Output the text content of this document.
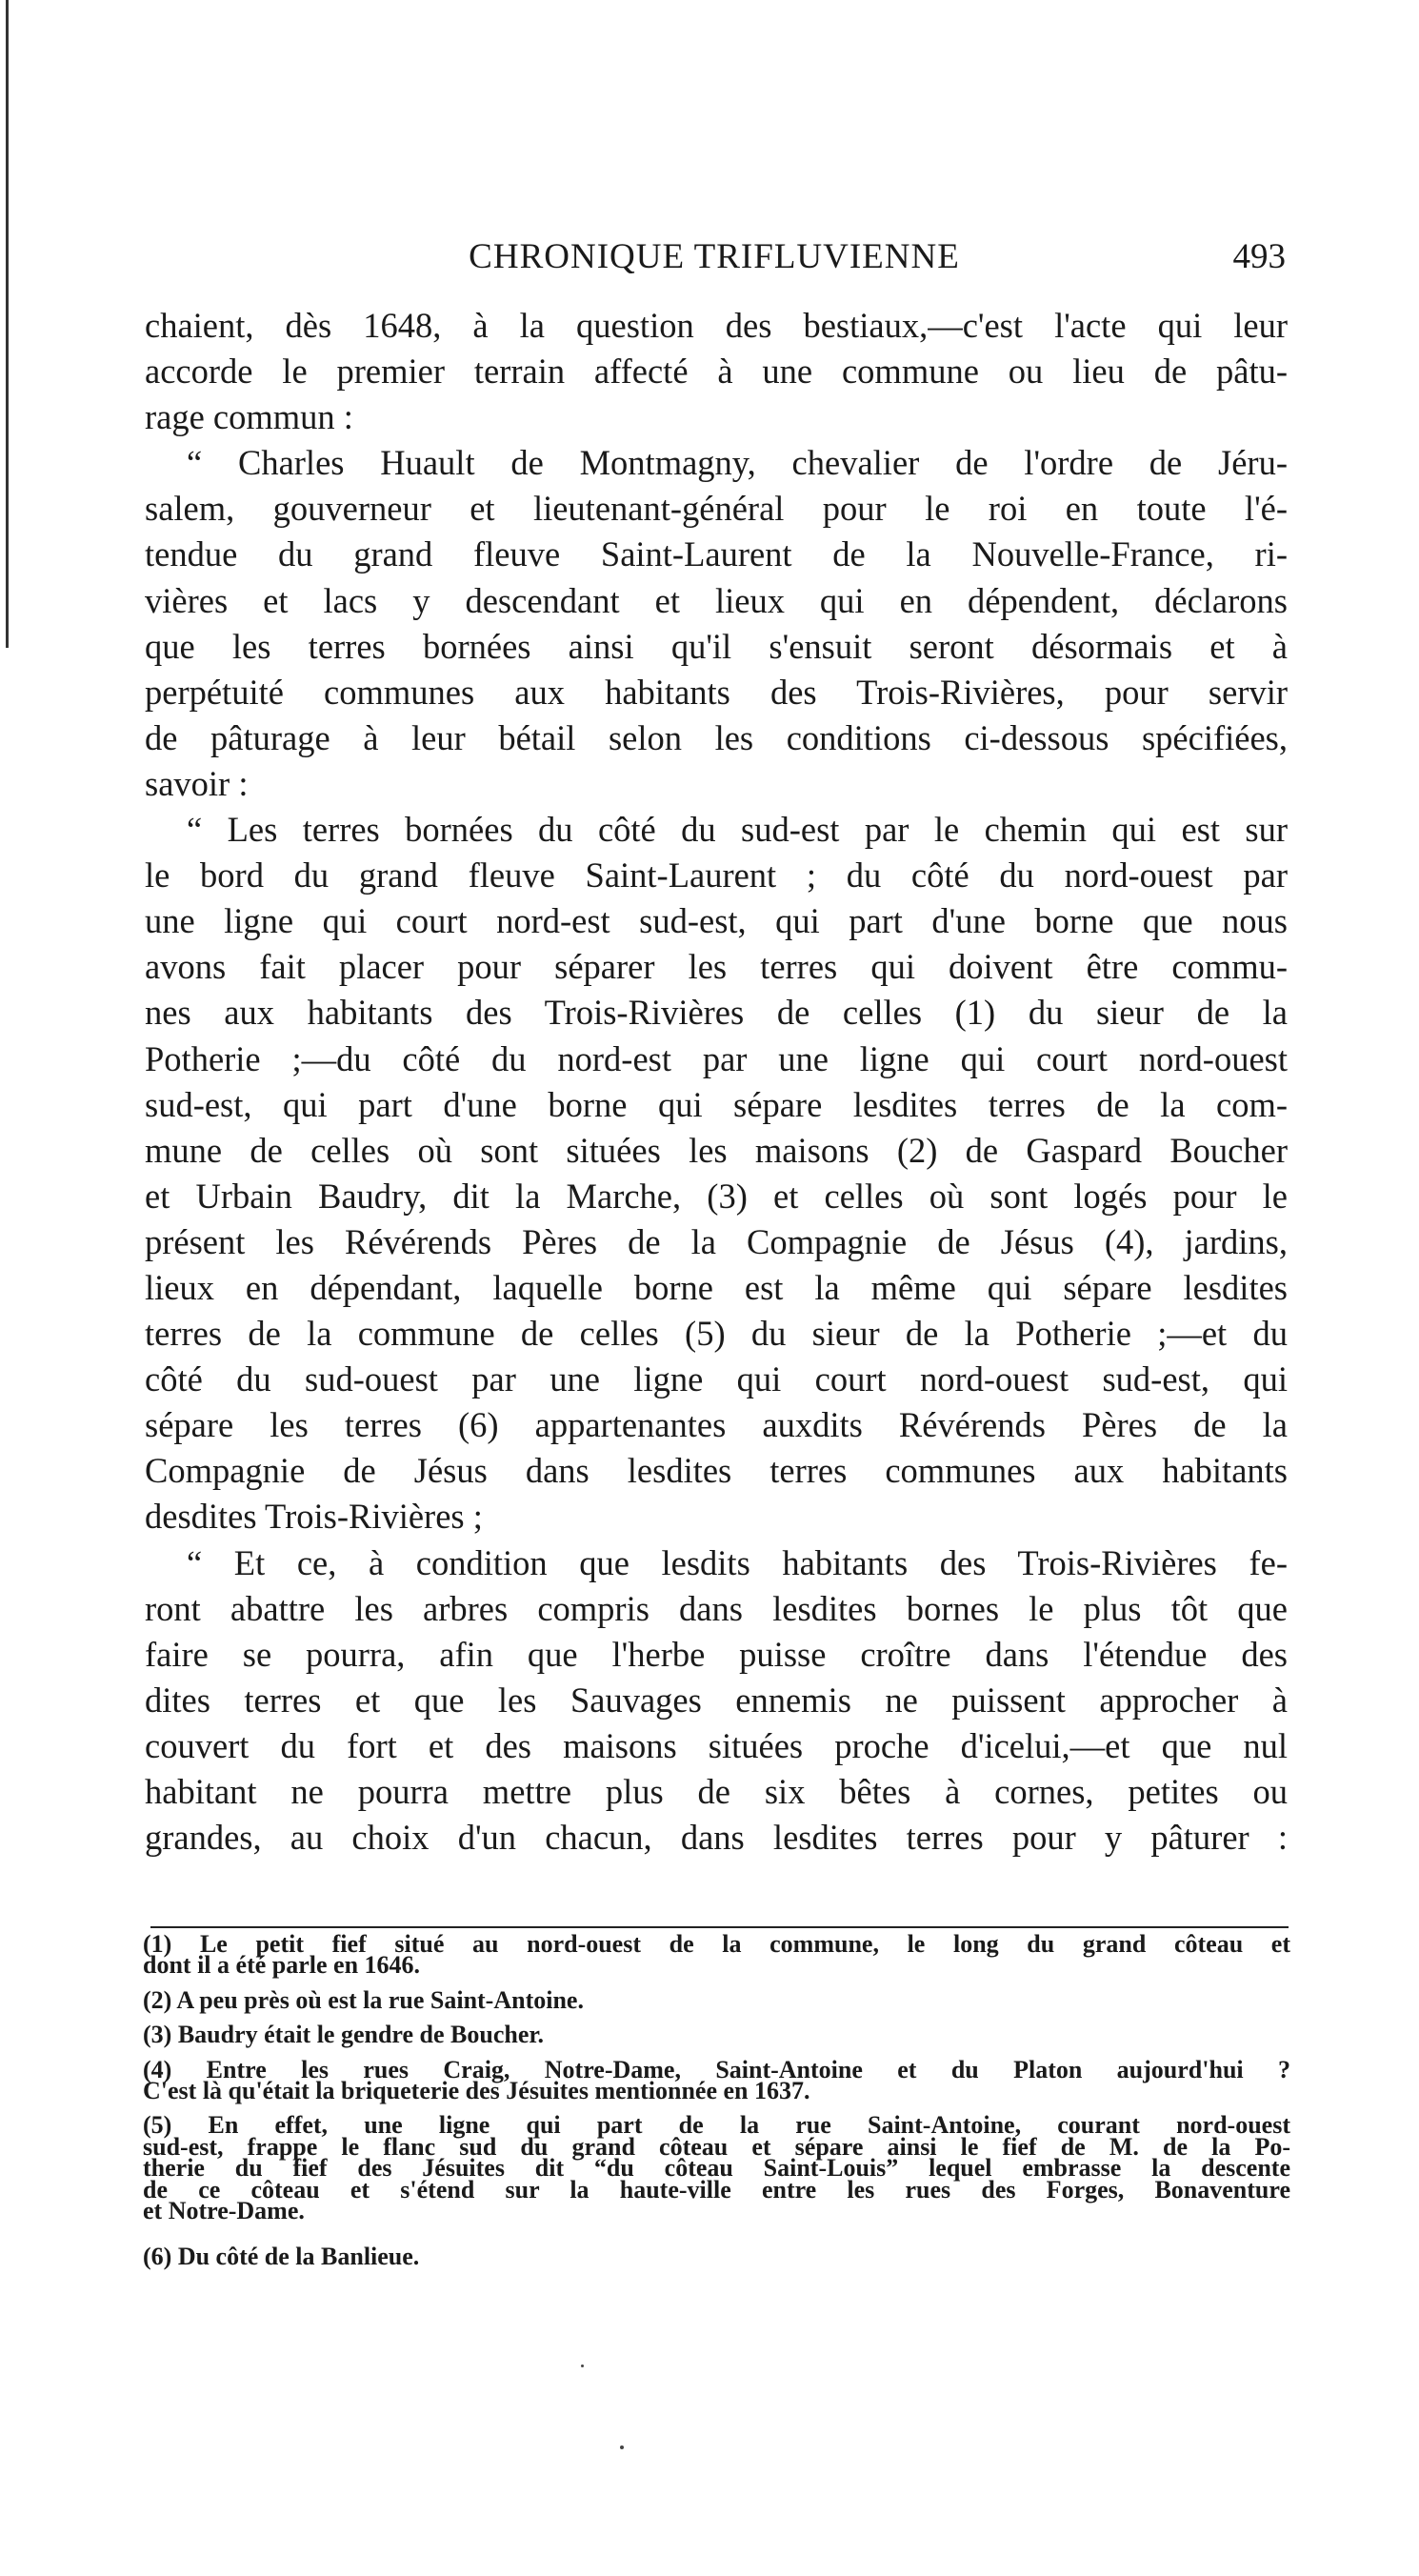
CHRONIQUE TRIFLUVIENNE	493
chaient, dès 1648, à la question des bestiaux,—c'est l'acte qui leur
accorde le premier terrain affecté à une commune ou lieu de pâtu-
rage commun :
“ Charles Huault de Montmagny, chevalier de l'ordre de Jéru-
salem, gouverneur et lieutenant-général pour le roi en toute l'é-
tendue du grand fleuve Saint-Laurent de la Nouvelle-France, ri-
vières et lacs y descendant et lieux qui en dépendent, déclarons
que les terres bornées ainsi qu'il s'ensuit seront désormais et à
perpétuité communes aux habitants des Trois-Rivières, pour servir
de pâturage à leur bétail selon les conditions ci-dessous spécifiées,
savoir :
“ Les terres bornées du côté du sud-est par le chemin qui est sur
le bord du grand fleuve Saint-Laurent ; du côté du nord-ouest par
une ligne qui court nord-est sud-est, qui part d'une borne que nous
avons fait placer pour séparer les terres qui doivent être commu-
nes aux habitants des Trois-Rivières de celles (1) du sieur de la
Potherie ;—du côté du nord-est par une ligne qui court nord-ouest
sud-est, qui part d'une borne qui sépare lesdites terres de la com-
mune de celles où sont situées les maisons (2) de Gaspard Boucher
et Urbain Baudry, dit la Marche, (3) et celles où sont logés pour le
présent les Révérends Pères de la Compagnie de Jésus (4), jardins,
lieux en dépendant, laquelle borne est la même qui sépare lesdites
terres de la commune de celles (5) du sieur de la Potherie ;—et du
côté du sud-ouest par une ligne qui court nord-ouest sud-est, qui
sépare les terres (6) appartenantes auxdits Révérends Pères de la
Compagnie de Jésus dans lesdites terres communes aux habitants
desdites Trois-Rivières ;
“ Et ce, à condition que lesdits habitants des Trois-Rivières fe-
ront abattre les arbres compris dans lesdites bornes le plus tôt que
faire se pourra, afin que l'herbe puisse croître dans l'étendue des
dites terres et que les Sauvages ennemis ne puissent approcher à
couvert du fort et des maisons situées proche d'icelui,—et que nul
habitant ne pourra mettre plus de six bêtes à cornes, petites ou
grandes, au choix d'un chacun, dans lesdites terres pour y pâturer :
(1) Le petit fief situé au nord-ouest de la commune, le long du grand côteau et
dont il a été parle en 1646.
(2) A peu près où est la rue Saint-Antoine.
(3) Baudry était le gendre de Boucher.
(4) Entre les rues Craig, Notre-Dame, Saint-Antoine et du Platon aujourd'hui ?
C'est là qu'était la briqueterie des Jésuites mentionnée en 1637.
(5) En effet, une ligne qui part de la rue Saint-Antoine, courant nord-ouest
sud-est, frappe le flanc sud du grand côteau et sépare ainsi le fief de M. de la Po-
therie du fief des Jésuites dit “du côteau Saint-Louis” lequel embrasse la descente
de ce côteau et s'étend sur la haute-ville entre les rues des Forges, Bonaventure
et Notre-Dame.
(6) Du côté de la Banlieue.
